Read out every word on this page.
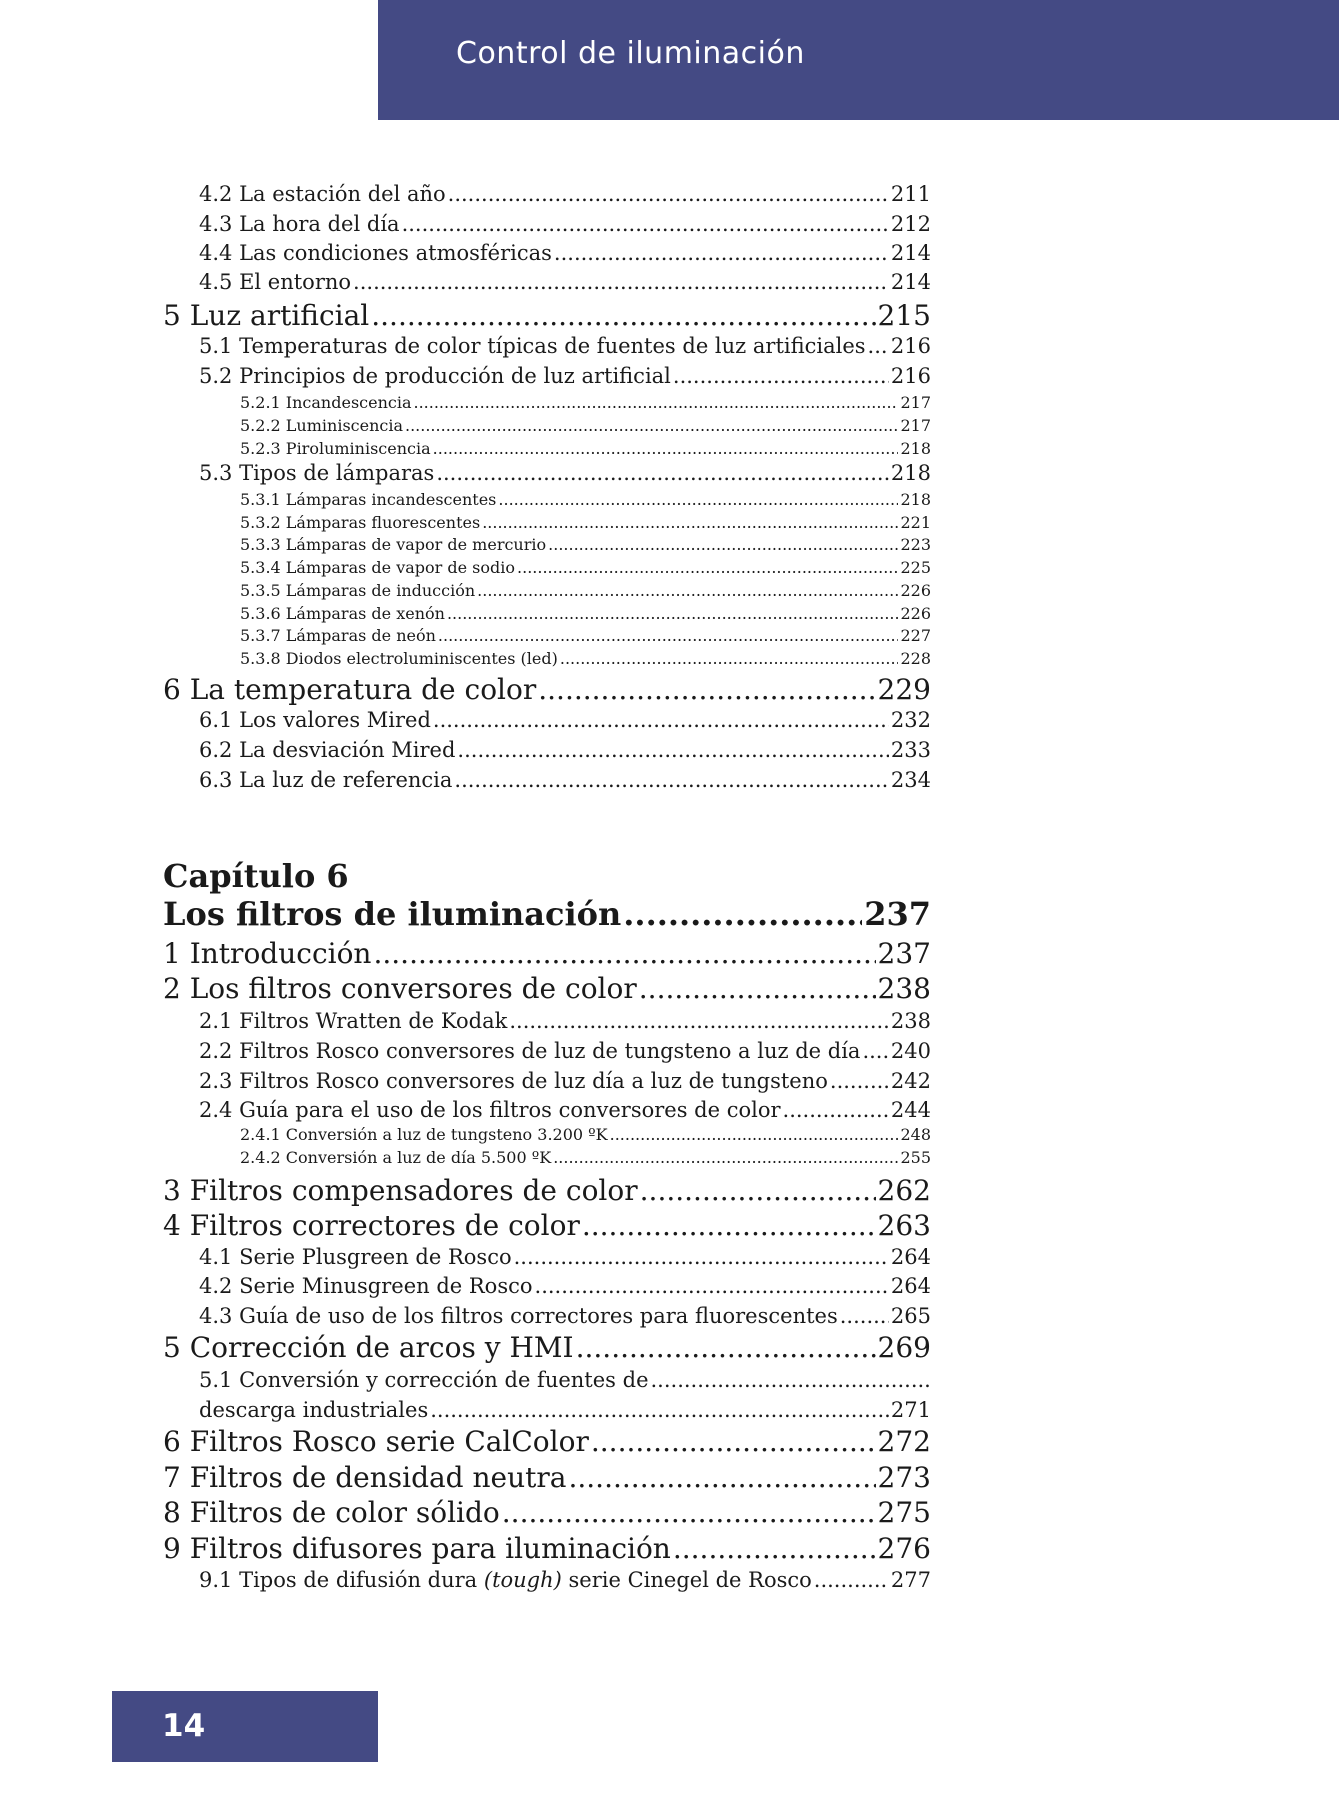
Control de iluminación
4.2 La estación del año .....	211
4.3 La hora del día .....	212
4.4 Las condiciones atmosféricas .....	214
4.5 El entorno .....	214
5 Luz artificial .....	215
5.1 Temperaturas de color típicas de fuentes de luz artificiales ..... 216
5.2 Principios de producción de luz artificial .....	216
5.2.1 Incandescencia .....	217
5.2.2 Luminiscencia .....	217
5.2.3 Piroluminiscencia .....	218
5.3 Tipos de lámparas .....	218
5.3.1 Lámparas incandescentes .....	218
5.3.2 Lámparas fluorescentes .....	221
5.3.3 Lámparas de vapor de mercurio .....	223
5.3.4 Lámparas de vapor de sodio .....	225
5.3.5 Lámparas de inducción .....	226
5.3.6 Lámparas de xenón .....	226
5.3.7 Lámparas de neón .....	227
5.3.8 Diodos electroluminiscentes (led) .....	228
6 La temperatura de color .....	229
6.1 Los valores Mired .....	232
6.2 La desviación Mired .....	233
6.3 La luz de referencia .....	234
Capítulo 6
Los filtros de iluminación .....	237
1 Introducción .....	237
2 Los filtros conversores de color .....	238
2.1 Filtros Wratten de Kodak .....	238
2.2 Filtros Rosco conversores de luz de tungsteno a luz de día ..... 240
2.3 Filtros Rosco conversores de luz día a luz de tungsteno .....	242
2.4 Guía para el uso de los filtros conversores de color .....	244
2.4.1 Conversión a luz de tungsteno 3.200 ºK .....	248
2.4.2 Conversión a luz de día 5.500 ºK .....	255
3 Filtros compensadores de color .....	262
4 Filtros correctores de color .....	263
4.1 Serie Plusgreen de Rosco .....	264
4.2 Serie Minusgreen de Rosco .....	264
4.3 Guía de uso de los filtros correctores para fluorescentes .....	265
5 Corrección de arcos y HMI .....	269
5.1 Conversión y corrección de fuentes de
.....
descarga industriales .....	271
6 Filtros Rosco serie CalColor .....	272
7 Filtros de densidad neutra .....	273
8 Filtros de color sólido .....	275
9 Filtros difusores para iluminación .....	276
9.1 Tipos de difusión dura (tough) serie Cinegel de Rosco .....	277
14
